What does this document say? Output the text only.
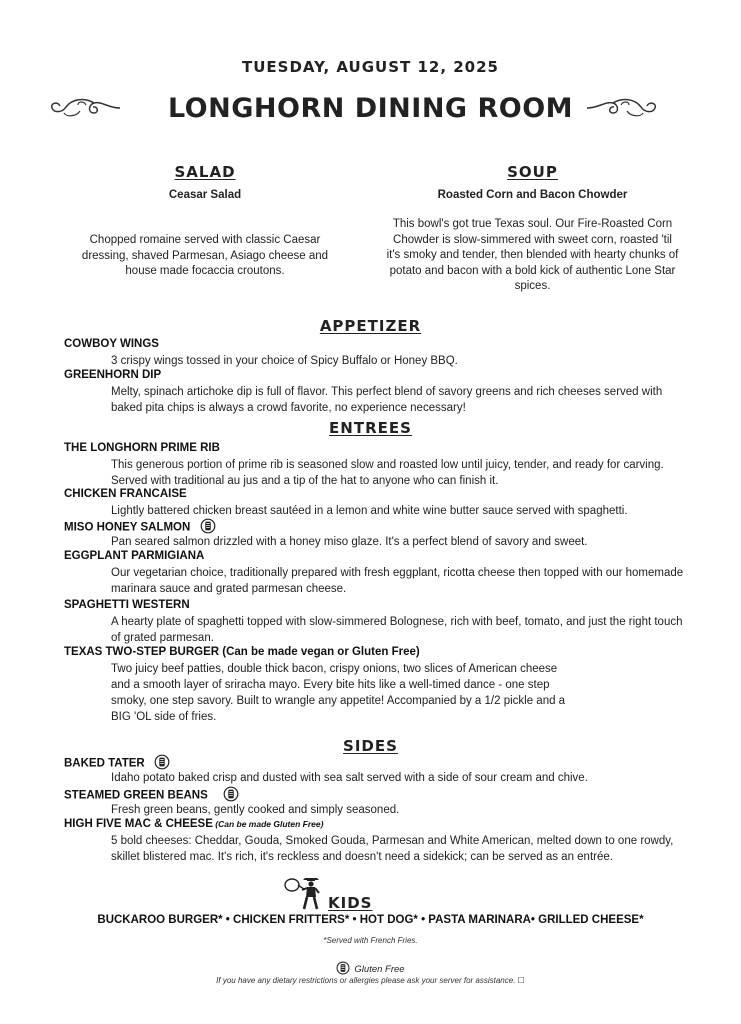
TUESDAY, AUGUST 12, 2025
LONGHORN DINING ROOM
SALAD
Ceasar Salad
Chopped romaine served with classic Caesar dressing, shaved Parmesan, Asiago cheese and house made focaccia croutons.
SOUP
Roasted Corn and Bacon Chowder
This bowl's got true Texas soul. Our Fire-Roasted Corn Chowder is slow-simmered with sweet corn, roasted 'til it's smoky and tender, then blended with hearty chunks of potato and bacon with a bold kick of authentic Lone Star spices.
APPETIZER
COWBOY WINGS
3 crispy wings tossed in your choice of Spicy Buffalo or Honey BBQ.
GREENHORN DIP
Melty, spinach artichoke dip is full of flavor. This perfect blend of savory greens and rich cheeses served with baked pita chips is always a crowd favorite, no experience necessary!
ENTREES
THE LONGHORN PRIME RIB
This generous portion of prime rib is seasoned slow and roasted low until juicy, tender, and ready for carving. Served with traditional au jus and a tip of the hat to anyone who can finish it.
CHICKEN FRANCAISE
Lightly battered chicken breast sautéed in a lemon and white wine butter sauce served with spaghetti.
MISO HONEY SALMON
Pan seared salmon drizzled with a honey miso glaze. It's a perfect blend of savory and sweet.
EGGPLANT PARMIGIANA
Our vegetarian choice, traditionally prepared with fresh eggplant, ricotta cheese then topped with our homemade marinara sauce and grated parmesan cheese.
SPAGHETTI WESTERN
A hearty plate of spaghetti topped with slow-simmered Bolognese, rich with beef, tomato, and just the right touch of grated parmesan.
TEXAS TWO-STEP BURGER (Can be made vegan or Gluten Free)
Two juicy beef patties, double thick bacon, crispy onions, two slices of American cheese and a smooth layer of sriracha mayo. Every bite hits like a well-timed dance - one step smoky, one step savory. Built to wrangle any appetite! Accompanied by a 1/2 pickle and a BIG 'OL side of fries.
SIDES
BAKED TATER
Idaho potato baked crisp and dusted with sea salt served with a side of sour cream and chive.
STEAMED GREEN BEANS
Fresh green beans, gently cooked and simply seasoned.
HIGH FIVE MAC & CHEESE (Can be made Gluten Free)
5 bold cheeses: Cheddar, Gouda, Smoked Gouda, Parmesan and White American, melted down to one rowdy, skillet blistered mac. It's rich, it's reckless and doesn't need a sidekick; can be served as an entrée.
KIDS
BUCKAROO BURGER* • CHICKEN FRITTERS* • HOT DOG* • PASTA MARINARA• GRILLED CHEESE*
*Served with French Fries.
Gluten Free
If you have any dietary restrictions or allergies please ask your server for assistance. ☐
